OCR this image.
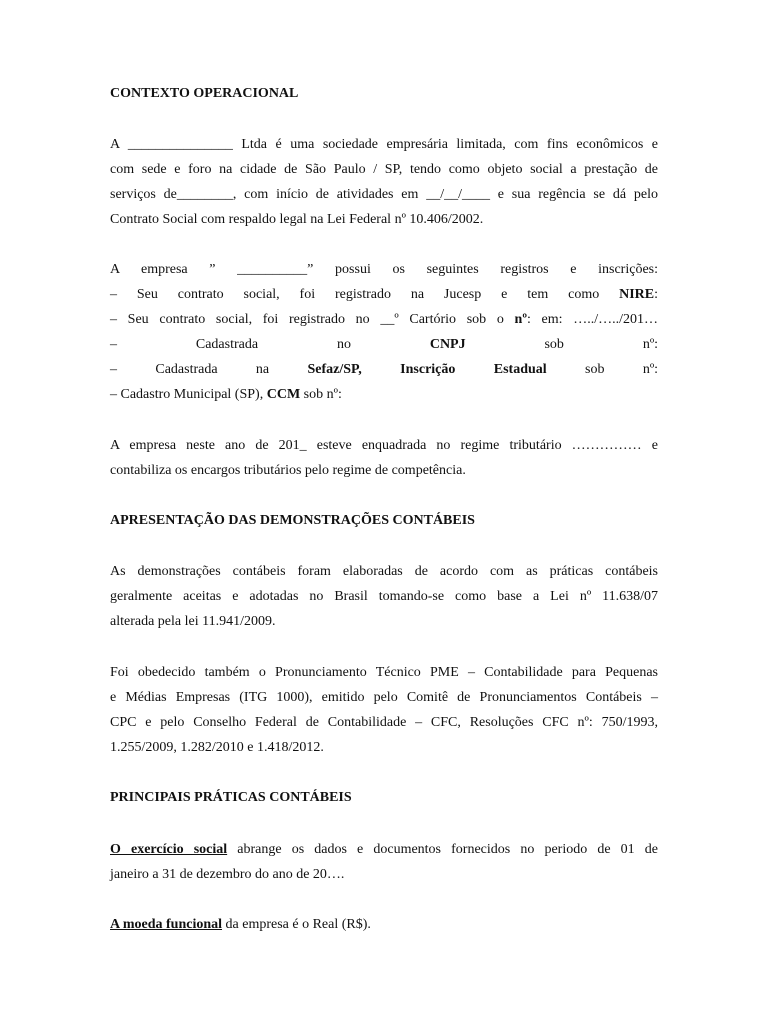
CONTEXTO OPERACIONAL
A _______________ Ltda é uma sociedade empresária limitada, com fins econômicos e
com sede e foro na cidade de São Paulo / SP, tendo como objeto social a prestação de
serviços de________, com início de atividades em __/__/____ e sua regência se dá pelo
Contrato Social com respaldo legal na Lei Federal nº 10.406/2002.
A empresa ” __________” possui os seguintes registros e inscrições:
– Seu contrato social, foi registrado na Jucesp e tem como NIRE:
– Seu contrato social, foi registrado no __º Cartório sob o nº: em: …../…../201…
–	Cadastrada	no CNPJ sob	nº:
–	Cadastrada	na Sefaz/SP,	Inscrição	Estadual sob	nº:
– Cadastro Municipal (SP), CCM sob nº:
A empresa neste ano de 201_ esteve enquadrada no regime tributário …………… e
contabiliza os encargos tributários pelo regime de competência.
APRESENTAÇÃO DAS DEMONSTRAÇÕES CONTÁBEIS
As demonstrações contábeis foram elaboradas de acordo com as práticas contábeis
geralmente aceitas e adotadas no Brasil tomando-se como base a Lei nº 11.638/07
alterada pela lei 11.941/2009.
Foi obedecido também o Pronunciamento Técnico PME – Contabilidade para Pequenas
e Médias Empresas (ITG 1000), emitido pelo Comitê de Pronunciamentos Contábeis –
CPC e pelo Conselho Federal de Contabilidade – CFC, Resoluções CFC nº: 750/1993,
1.255/2009, 1.282/2010 e 1.418/2012.
PRINCIPAIS PRÁTICAS CONTÁBEIS
O exercício social abrange os dados e documentos fornecidos no periodo de 01 de
janeiro a 31 de dezembro do ano de 20….
A moeda funcional da empresa é o Real (R$).
